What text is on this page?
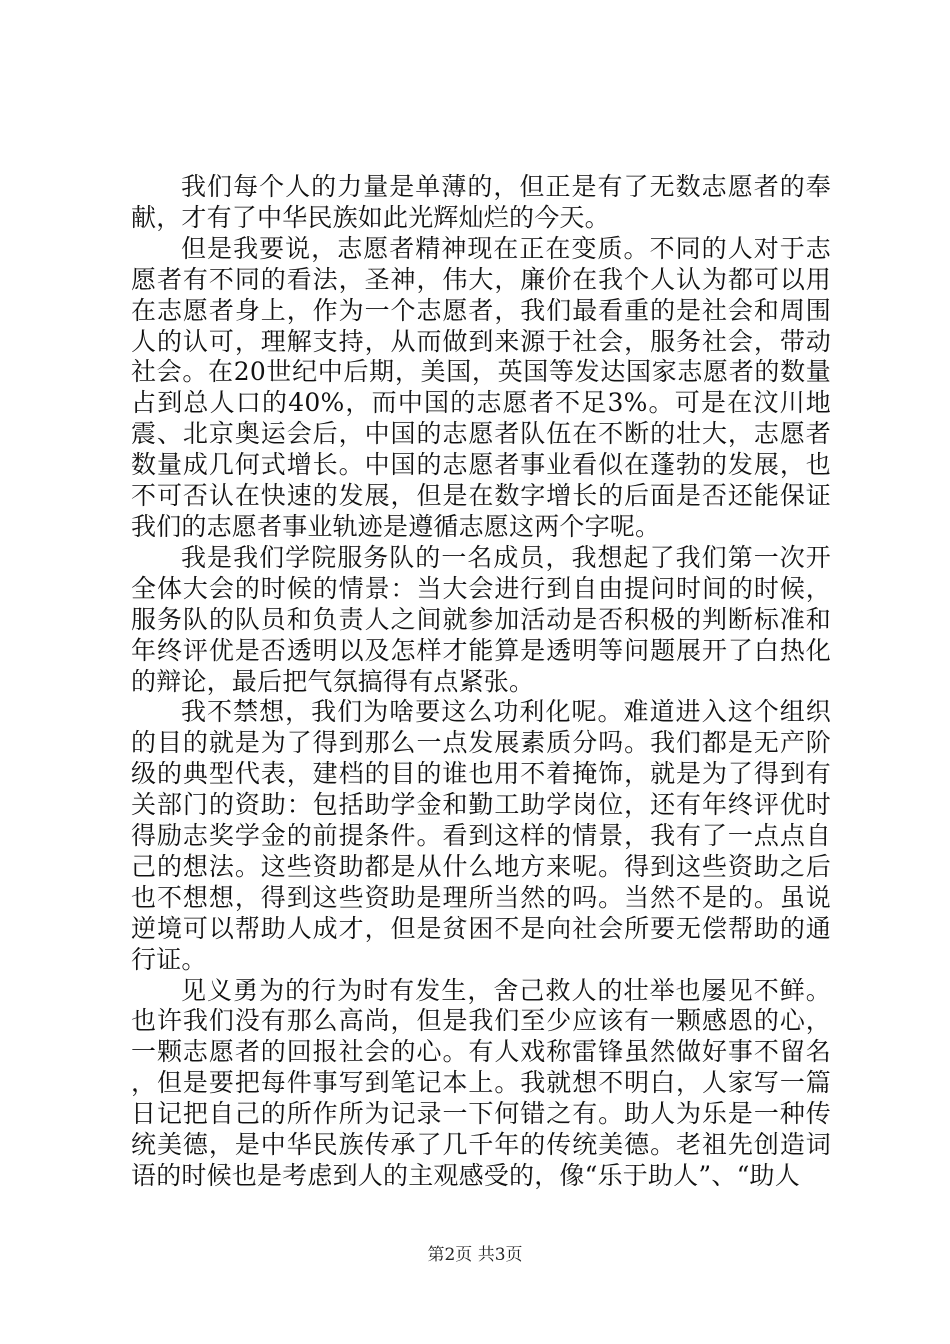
我们每个人的力量是单薄的，但正是有了无数志愿者的奉献，才有了中华民族如此光辉灿烂的今天。

但是我要说，志愿者精神现在正在变质。不同的人对于志愿者有不同的看法，圣神，伟大，廉价在我个人认为都可以用在志愿者身上，作为一个志愿者，我们最看重的是社会和周围人的认可，理解支持，从而做到来源于社会，服务社会，带动社会。在20世纪中后期，美国，英国等发达国家志愿者的数量占到总人口的40%，而中国的志愿者不足3%。可是在汶川地震、北京奥运会后，中国的志愿者队伍在不断的壮大，志愿者数量成几何式增长。中国的志愿者事业看似在蓬勃的发展，也不可否认在快速的发展，但是在数字增长的后面是否还能保证我们的志愿者事业轨迹是遵循志愿这两个字呢。

我是我们学院服务队的一名成员，我想起了我们第一次开全体大会的时候的情景：当大会进行到自由提问时间的时候，服务队的队员和负责人之间就参加活动是否积极的判断标准和年终评优是否透明以及怎样才能算是透明等问题展开了白热化的辩论，最后把气氛搞得有点紧张。

我不禁想，我们为啥要这么功利化呢。难道进入这个组织的目的就是为了得到那么一点发展素质分吗。我们都是无产阶级的典型代表，建档的目的谁也用不着掩饰，就是为了得到有关部门的资助：包括助学金和勤工助学岗位，还有年终评优时得励志奖学金的前提条件。看到这样的情景，我有了一点点自己的想法。这些资助都是从什么地方来呢。得到这些资助之后也不想想，得到这些资助是理所当然的吗。当然不是的。虽说逆境可以帮助人成才，但是贫困不是向社会所要无偿帮助的通行证。

见义勇为的行为时有发生，舍己救人的壮举也屡见不鲜。也许我们没有那么高尚，但是我们至少应该有一颗感恩的心，一颗志愿者的回报社会的心。有人戏称雷锋虽然做好事不留名，但是要把每件事写到笔记本上。我就想不明白，人家写一篇日记把自己的所作所为记录一下何错之有。助人为乐是一种传统美德，是中华民族传承了几千年的传统美德。老祖先创造词语的时候也是考虑到人的主观感受的，像“乐于助人”、“助人

第2页 共3页
